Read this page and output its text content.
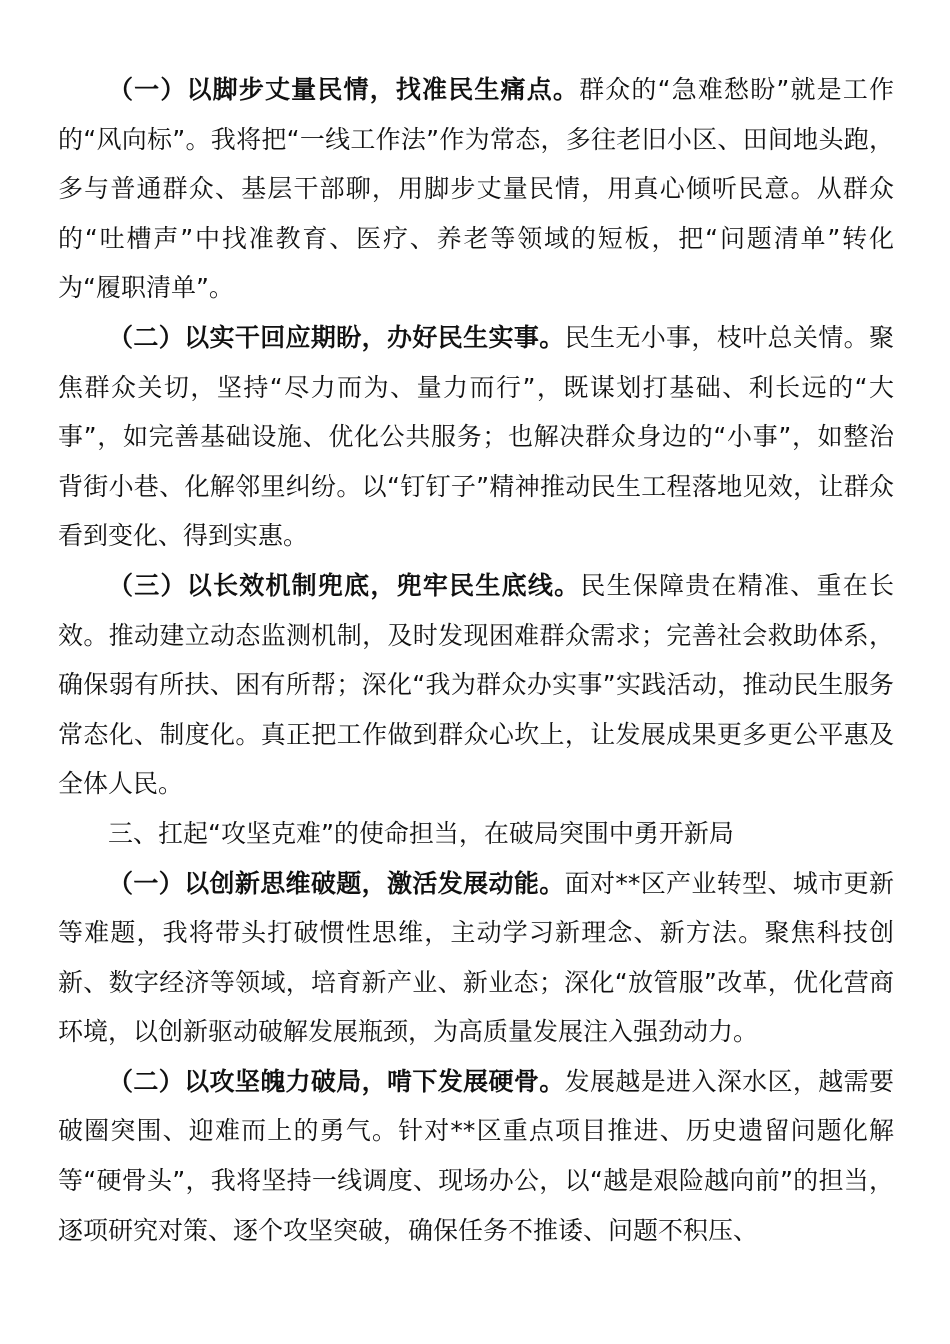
（一）以脚步丈量民情，找准民生痛点。群众的“急难愁盼”就是工作的“风向标”。我将把“一线工作法”作为常态，多往老旧小区、田间地头跑，多与普通群众、基层干部聊，用脚步丈量民情，用真心倾听民意。从群众的“吐槽声”中找准教育、医疗、养老等领域的短板，把“问题清单”转化为“履职清单”。

（二）以实干回应期盼，办好民生实事。民生无小事，枝叶总关情。聚焦群众关切，坚持“尽力而为、量力而行”，既谋划打基础、利长远的“大事”，如完善基础设施、优化公共服务；也解决群众身边的“小事”，如整治背街小巷、化解邻里纠纷。以“钉钉子”精神推动民生工程落地见效，让群众看到变化、得到实惠。

（三）以长效机制兜底，兜牢民生底线。民生保障贵在精准、重在长效。推动建立动态监测机制，及时发现困难群众需求；完善社会救助体系，确保弱有所扶、困有所帮；深化“我为群众办实事”实践活动，推动民生服务常态化、制度化。真正把工作做到群众心坎上，让发展成果更多更公平惠及全体人民。

三、扛起“攻坚克难”的使命担当，在破局突围中勇开新局

（一）以创新思维破题，激活发展动能。面对**区产业转型、城市更新等难题，我将带头打破惯性思维，主动学习新理念、新方法。聚焦科技创新、数字经济等领域，培育新产业、新业态；深化“放管服”改革，优化营商环境，以创新驱动破解发展瓶颈，为高质量发展注入强劲动力。

（二）以攻坚魄力破局，啃下发展硬骨。发展越是进入深水区，越需要破圈突围、迎难而上的勇气。针对**区重点项目推进、历史遗留问题化解等“硬骨头”，我将坚持一线调度、现场办公，以“越是艰险越向前”的担当，逐项研究对策、逐个攻坚突破，确保任务不推诿、问题不积压、
